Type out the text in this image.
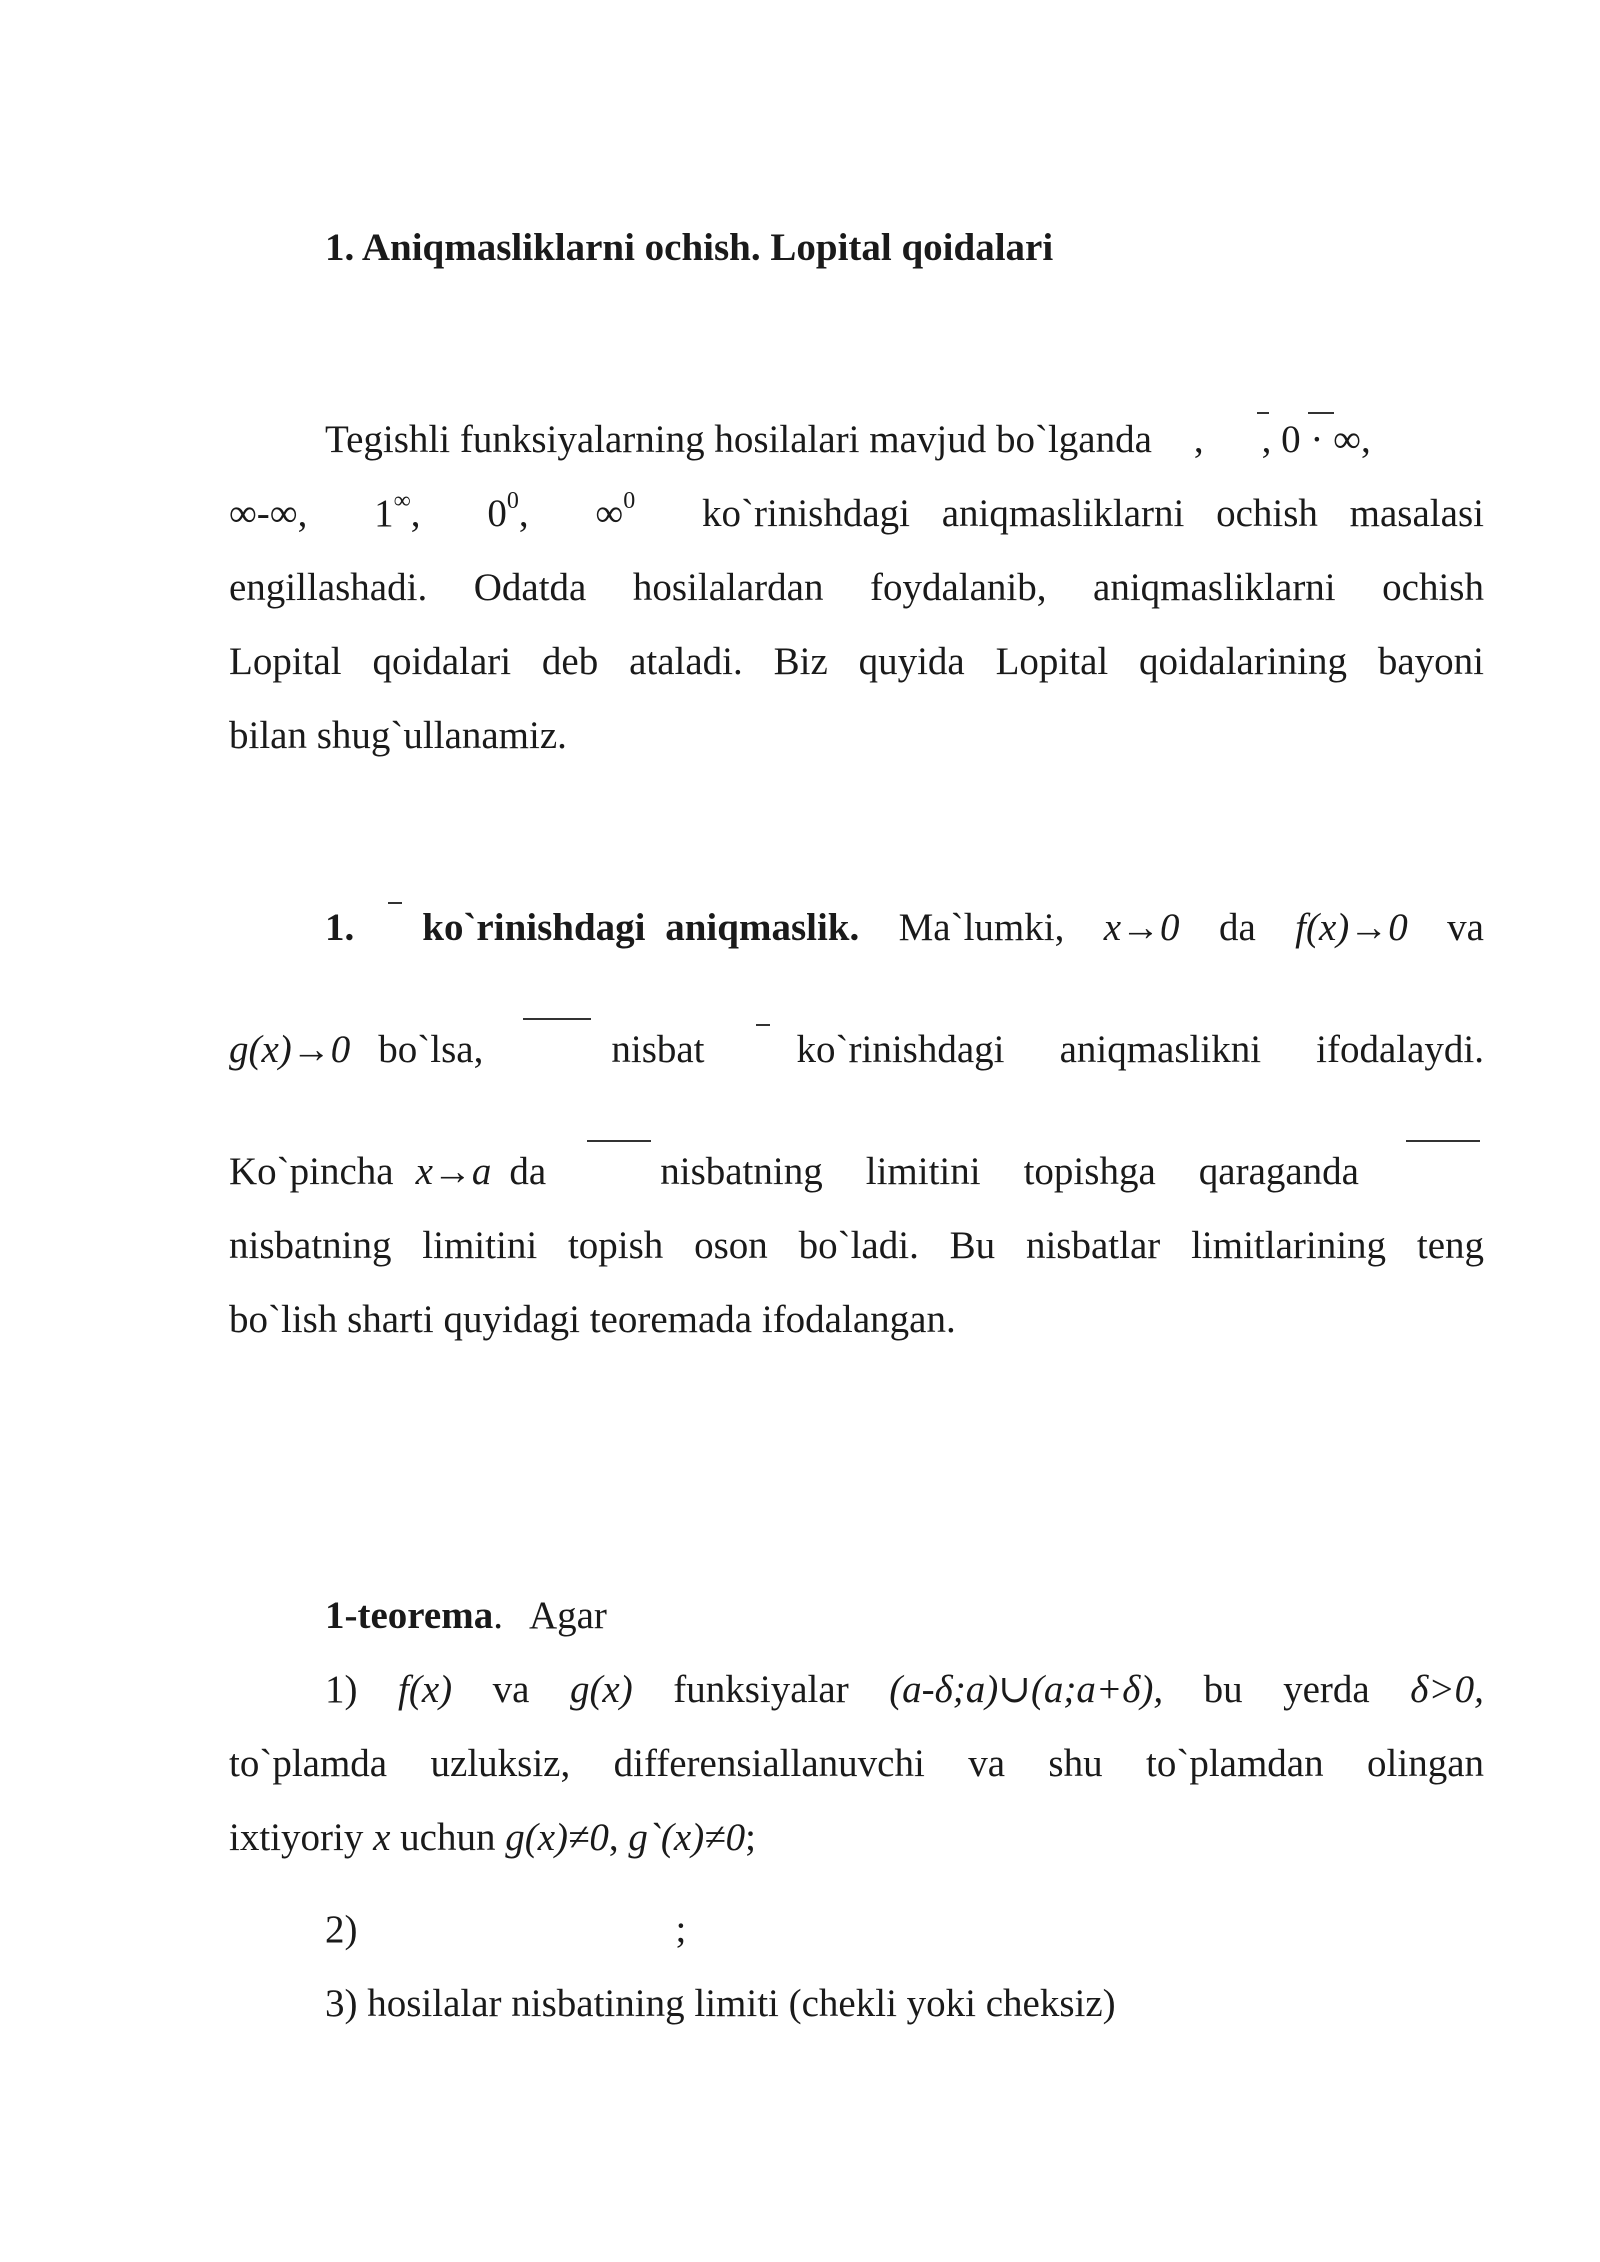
1. Aniqmasliklarni ochish. Lopital qoidalari
Tegishli funksiyalarning hosilalari mavjud bo`lganda , , 0 · ∞,
∞-∞, 1∞, $0^0$, ∞$^0$ ko`rinishdagi aniqmasliklarni ochish masalasi
engillashadi. Odatda hosilalardan foydalanib, aniqmasliklarni ochish
Lopital qoidalari deb ataladi. Biz quyida Lopital qoidalarining bayoni
bilan shug`ullanamiz.
1. ko`rinishdagi aniqmaslik. Ma`lumki, x→0 da f(x)→0 va
g(x)→0 bo`lsa,	nisbat ko`rinishdagi aniqmaslikni ifodalaydi.
Ko`pincha x→a da	nisbatning limitini topishga qaraganda
nisbatning limitini topish oson bo`ladi. Bu nisbatlar limitlarining teng
bo`lish sharti quyidagi teoremada ifodalangan.
1-teorema. Agar
1) f(x) va g(x) funksiyalar (a-δ;a)∪(a;a+δ), bu yerda δ>0,
to`plamda uzluksiz, differensiallanuvchi va shu to`plamdan olingan
ixtiyoriy x uchun g(x)≠0, g`(x)≠0;
2)	;
3) hosilalar nisbatining limiti (chekli yoki cheksiz)
